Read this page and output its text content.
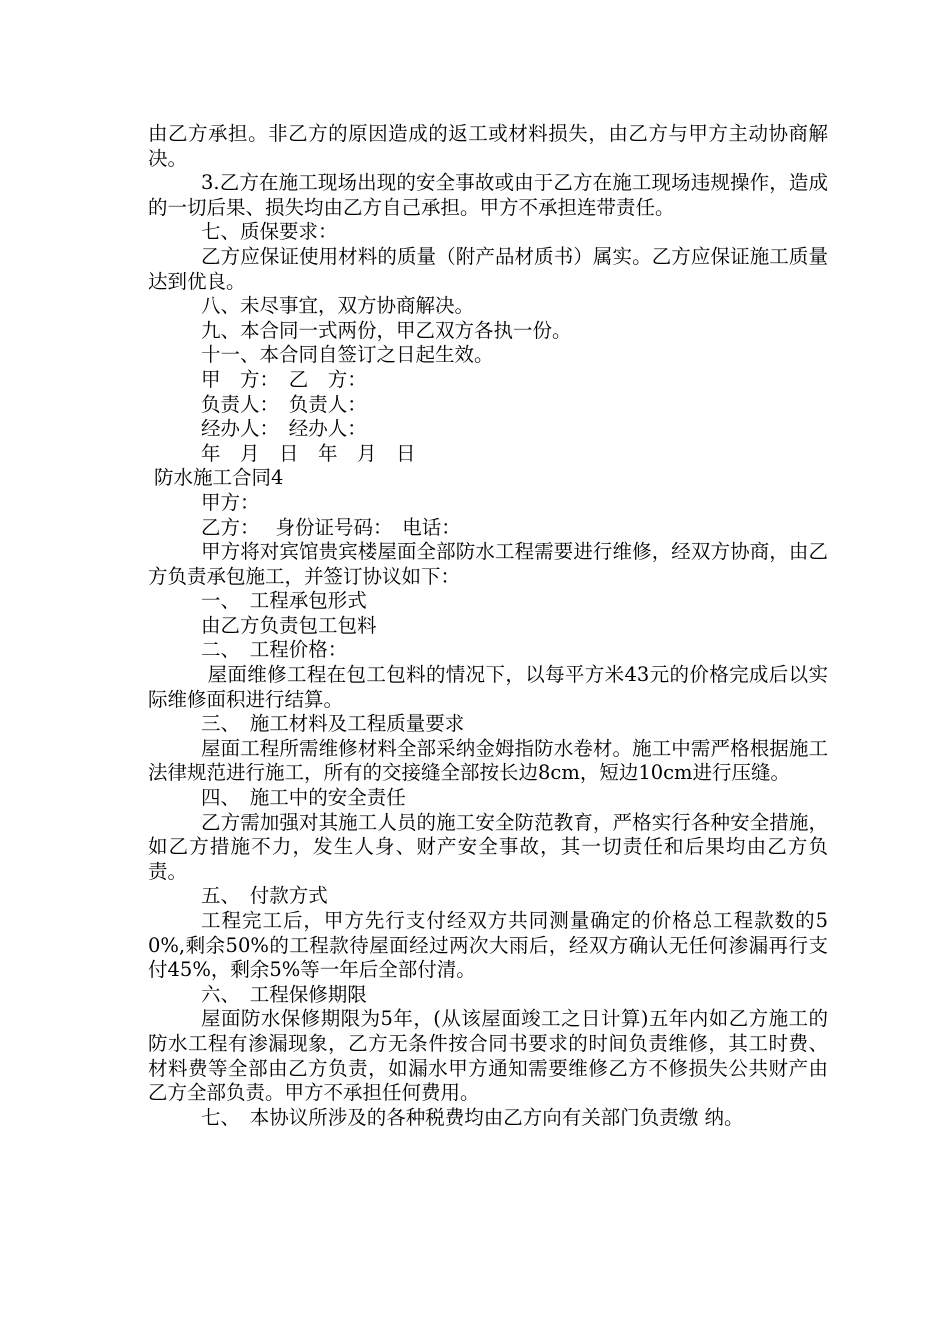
由乙方承担。非乙方的原因造成的返工或材料损失，由乙方与甲方主动协商解决。

3.乙方在施工现场出现的安全事故或由于乙方在施工现场违规操作，造成的一切后果、损失均由乙方自己承担。甲方不承担连带责任。

七、质保要求：

乙方应保证使用材料的质量（附产品材质书）属实。乙方应保证施工质量达到优良。

八、未尽事宜，双方协商解决。

九、本合同一式两份，甲乙双方各执一份。

十一、本合同自签订之日起生效。

甲　方：　乙　方：

负责人：　负责人：

经办人：　经办人：

年　月　日　年　月　日

防水施工合同4

甲方：

乙方：　 身份证号码：　电话：

甲方将对宾馆贵宾楼屋面全部防水工程需要进行维修，经双方协商，由乙方负责承包施工，并签订协议如下：

一、　工程承包形式

由乙方负责包工包料

二、　工程价格：

屋面维修工程在包工包料的情况下，以每平方米43元的价格完成后以实际维修面积进行结算。

三、　施工材料及工程质量要求

屋面工程所需维修材料全部采纳金姆指防水卷材。施工中需严格根据施工法律规范进行施工，所有的交接缝全部按长边8cm，短边10cm进行压缝。

四、　施工中的安全责任

乙方需加强对其施工人员的施工安全防范教育，严格实行各种安全措施，如乙方措施不力，发生人身、财产安全事故，其一切责任和后果均由乙方负责。

五、　付款方式

工程完工后，甲方先行支付经双方共同测量确定的价格总工程款数的50%,剩余50%的工程款待屋面经过两次大雨后，经双方确认无任何渗漏再行支付45%，剩余5%等一年后全部付清。

六、　工程保修期限

屋面防水保修期限为5年，(从该屋面竣工之日计算)五年内如乙方施工的防水工程有渗漏现象，乙方无条件按合同书要求的时间负责维修，其工时费、材料费等全部由乙方负责，如漏水甲方通知需要维修乙方不修损失公共财产由乙方全部负责。甲方不承担任何费用。

七、　本协议所涉及的各种税费均由乙方向有关部门负责缴 纳。
